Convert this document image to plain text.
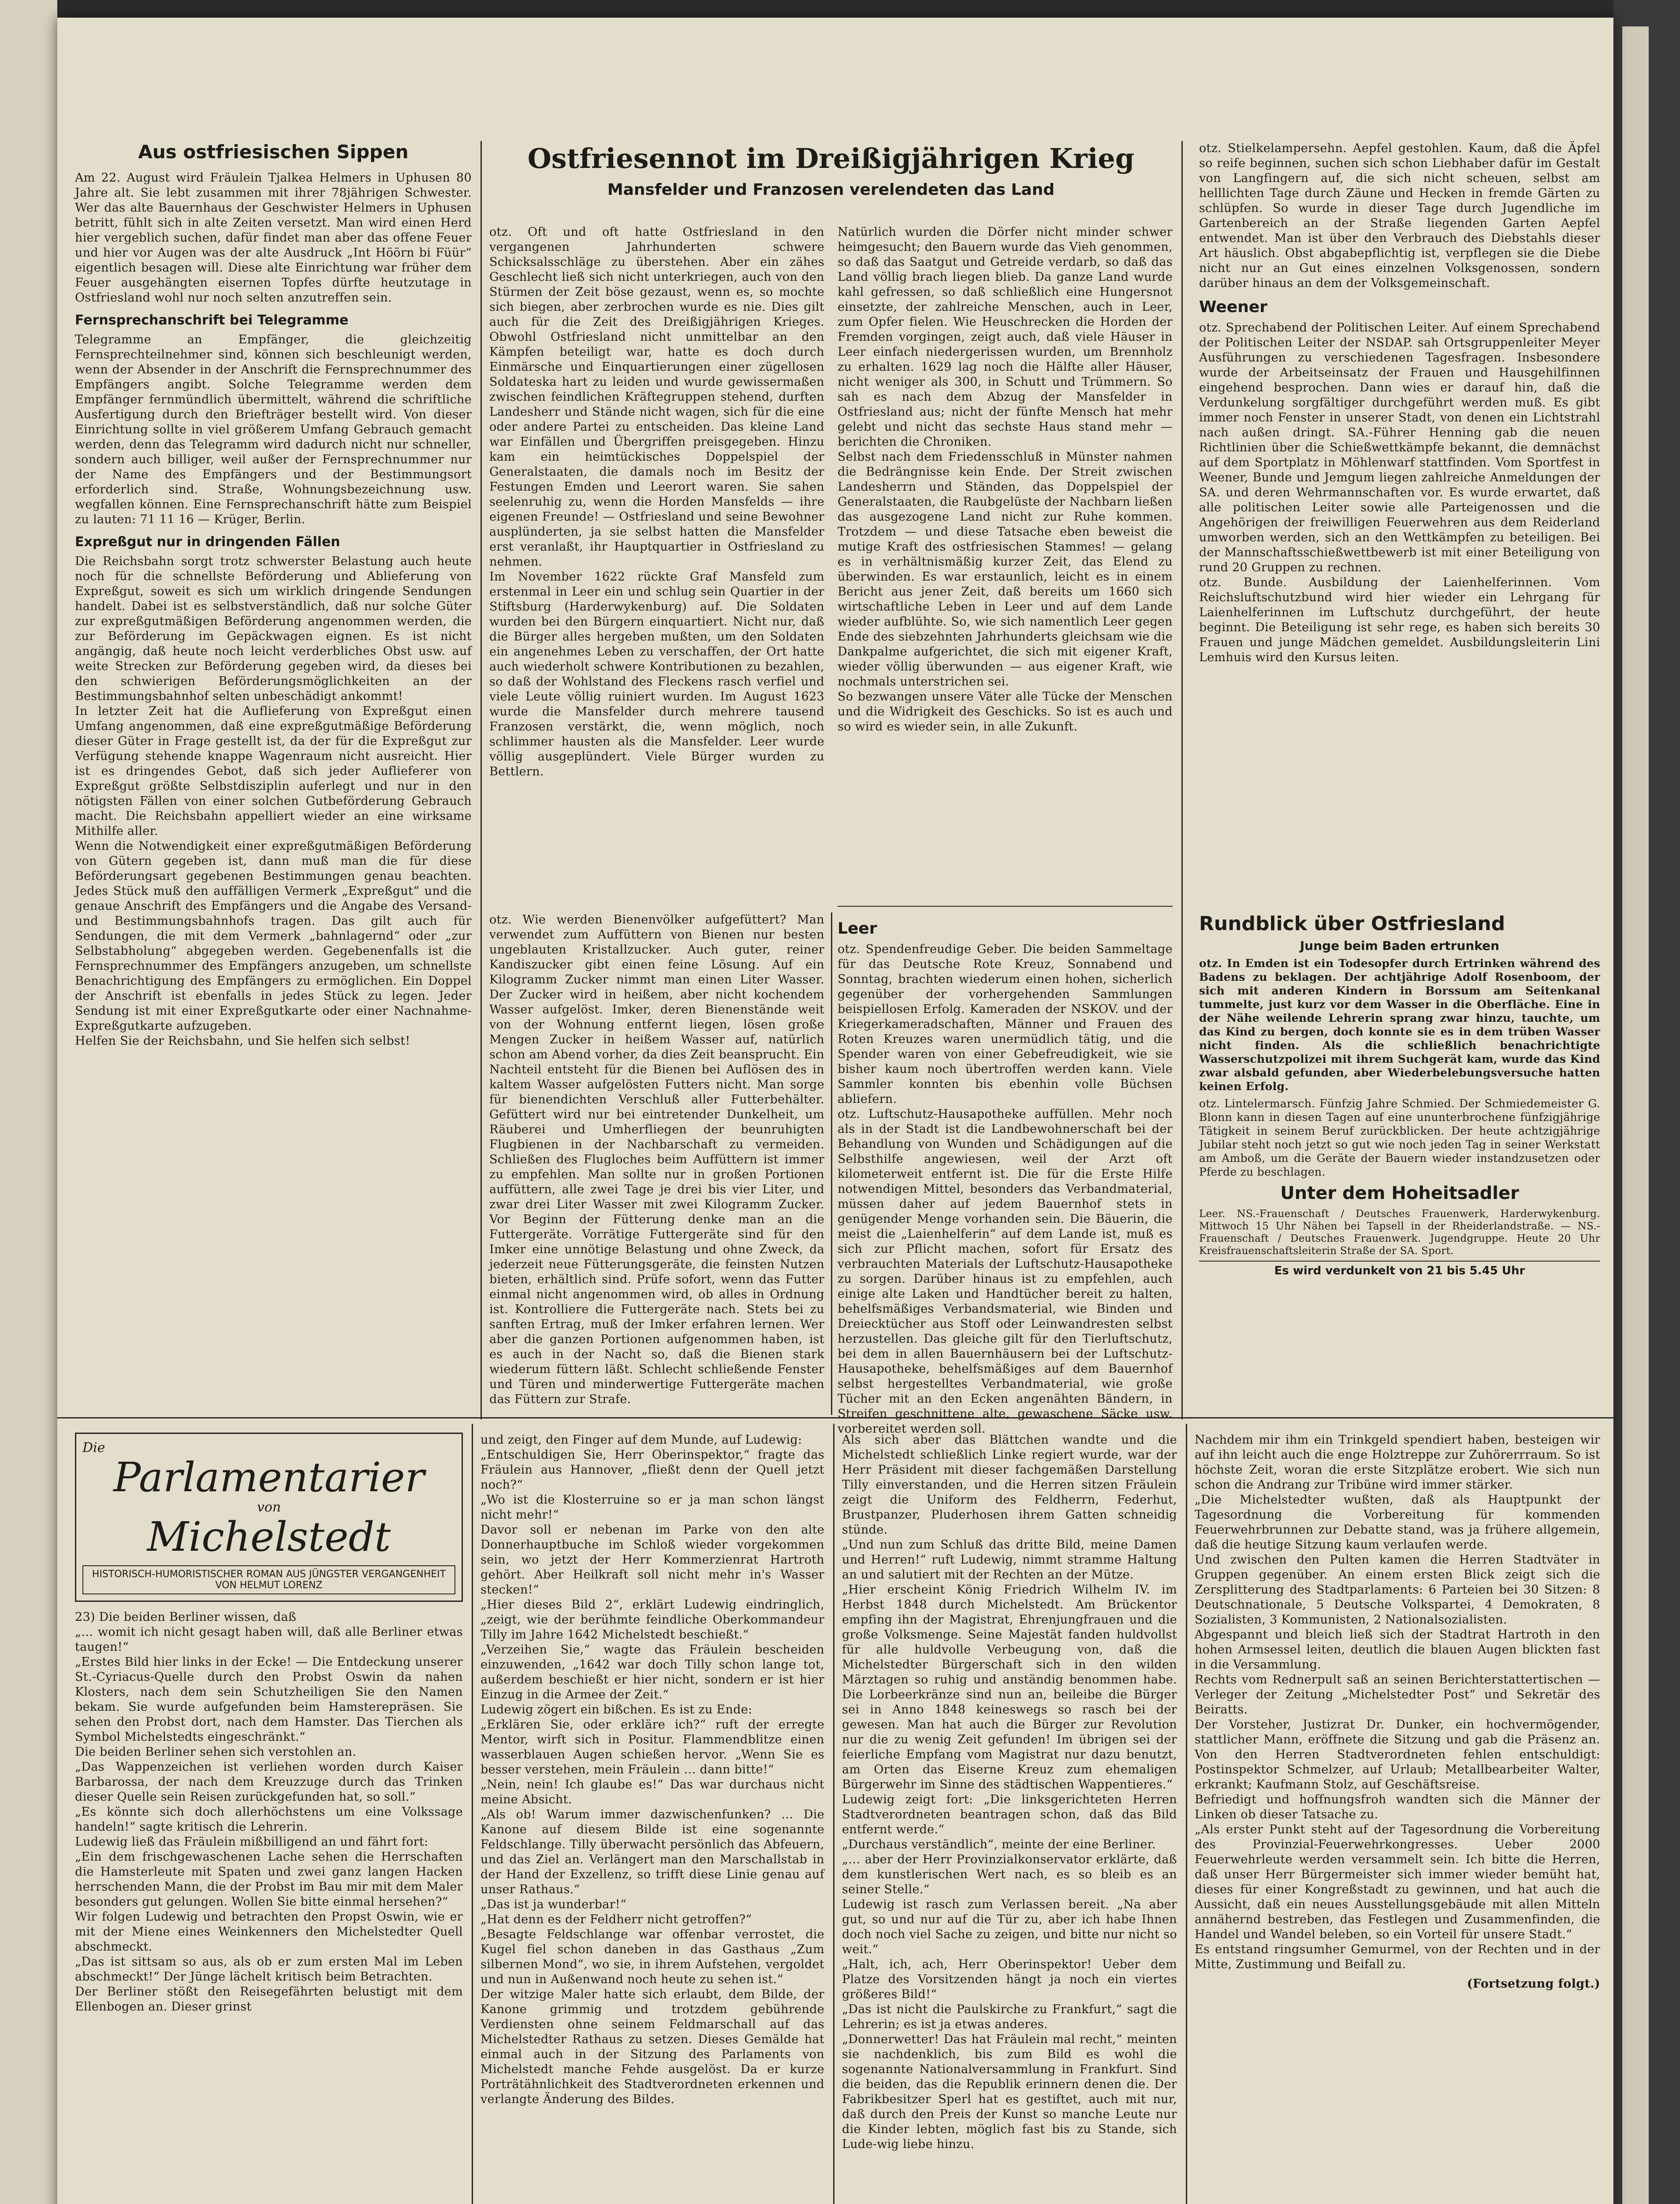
Aus ostfriesischen Sippen
Am 22. August wird Fräulein Tjalkea Helmers in Uphusen 80 Jahre alt. Sie lebt zusammen mit ihrer 78jährigen Schwester. Wer das alte Bauernhaus der Geschwister Helmers in Uphusen betritt, fühlt sich in alte Zeiten versetzt. Man wird einen Herd hier vergeblich suchen, dafür findet man aber das offene Feuer und hier vor Augen was der alte Ausdruck „Int Höörn bi Füür“ eigentlich besagen will. Diese alte Einrichtung war früher dem Feuer ausgehängten eisernen Topfes dürfte heutzutage in Ostfriesland wohl nur noch selten anzutreffen sein.
Fernsprechanschrift bei Telegramme
Telegramme an Empfänger, die gleichzeitig Fernsprechteilnehmer sind, können sich beschleunigt werden, wenn der Absender in der Anschrift die Fernsprechnummer des Empfängers angibt. Solche Telegramme werden dem Empfänger fernmündlich übermittelt, während die schriftliche Ausfertigung durch den Briefträger bestellt wird. Von dieser Einrichtung sollte in viel größerem Umfang Gebrauch gemacht werden, denn das Telegramm wird dadurch nicht nur schneller, sondern auch billiger, weil außer der Fernsprechnummer nur der Name des Empfängers und der Bestimmungsort erforderlich sind. Straße, Wohnungsbezeichnung usw. wegfallen können. Eine Fernsprechanschrift hätte zum Beispiel zu lauten: 71 11 16 — Krüger, Berlin.
Expreßgut nur in dringenden Fällen
Die Reichsbahn sorgt trotz schwerster Belastung auch heute noch für die schnellste Beförderung und Ablieferung von Expreßgut, soweit es sich um wirklich dringende Sendungen handelt. Dabei ist es selbstverständlich, daß nur solche Güter zur expreßgutmäßigen Beförderung angenommen werden, die zur Beförderung im Gepäckwagen eignen. Es ist nicht angängig, daß heute noch leicht verderbliches Obst usw. auf weite Strecken zur Beförderung gegeben wird, da dieses bei den schwierigen Beförderungsmöglichkeiten an der Bestimmungsbahnhof selten unbeschädigt ankommt!
In letzter Zeit hat die Auflieferung von Expreßgut einen Umfang angenommen, daß eine expreßgutmäßige Beförderung dieser Güter in Frage gestellt ist, da der für die Expreßgut zur Verfügung stehende knappe Wagenraum nicht ausreicht. Hier ist es dringendes Gebot, daß sich jeder Auflieferer von Expreßgut größte Selbstdisziplin auferlegt und nur in den nötigsten Fällen von einer solchen Gutbeförderung Gebrauch macht. Die Reichsbahn appelliert wieder an eine wirksame Mithilfe aller.
Wenn die Notwendigkeit einer expreßgutmäßigen Beförderung von Gütern gegeben ist, dann muß man die für diese Beförderungsart gegebenen Bestimmungen genau beachten. Jedes Stück muß den auffälligen Vermerk „Expreßgut“ und die genaue Anschrift des Empfängers und die Angabe des Versand- und Bestimmungsbahnhofs tragen. Das gilt auch für Sendungen, die mit dem Vermerk „bahnlagernd“ oder „zur Selbstabholung“ abgegeben werden. Gegebenenfalls ist die Fernsprechnummer des Empfängers anzugeben, um schnellste Benachrichtigung des Empfängers zu ermöglichen. Ein Doppel der Anschrift ist ebenfalls in jedes Stück zu legen. Jeder Sendung ist mit einer Expreßgutkarte oder einer Nachnahme-Expreßgutkarte aufzugeben.
Helfen Sie der Reichsbahn, und Sie helfen sich selbst!
Ostfriesennot im Dreißigjährigen Krieg
Mansfelder und Franzosen verelendeten das Land
otz. Oft und oft hatte Ostfriesland in den vergangenen Jahrhunderten schwere Schicksalsschläge zu überstehen. Aber ein zähes Geschlecht ließ sich nicht unterkriegen, auch von den Stürmen der Zeit böse gezaust, wenn es, so mochte sich biegen, aber zerbrochen wurde es nie. Dies gilt auch für die Zeit des Dreißigjährigen Krieges. Obwohl Ostfriesland nicht unmittelbar an den Kämpfen beteiligt war, hatte es doch durch Einmärsche und Einquartierungen einer zügellosen Soldateska hart zu leiden und wurde gewissermaßen zwischen feindlichen Kräftegruppen stehend, durften Landesherr und Stände nicht wagen, sich für die eine oder andere Partei zu entscheiden. Das kleine Land war Einfällen und Übergriffen preisgegeben. Hinzu kam ein heimtückisches Doppelspiel der Generalstaaten, die damals noch im Besitz der Festungen Emden und Leerort waren. Sie sahen seelenruhig zu, wenn die Horden Mansfelds — ihre eigenen Freunde! — Ostfriesland und seine Bewohner ausplünderten, ja sie selbst hatten die Mansfelder erst veranlaßt, ihr Hauptquartier in Ostfriesland zu nehmen.
Im November 1622 rückte Graf Mansfeld zum erstenmal in Leer ein und schlug sein Quartier in der Stiftsburg (Harderwykenburg) auf. Die Soldaten wurden bei den Bürgern einquartiert. Nicht nur, daß die Bürger alles hergeben mußten, um den Soldaten ein angenehmes Leben zu verschaffen, der Ort hatte auch wiederholt schwere Kontributionen zu bezahlen, so daß der Wohlstand des Fleckens rasch verfiel und viele Leute völlig ruiniert wurden. Im August 1623 wurde die Mansfelder durch mehrere tausend Franzosen verstärkt, die, wenn möglich, noch schlimmer hausten als die Mansfelder. Leer wurde völlig ausgeplündert. Viele Bürger wurden zu Bettlern.
Natürlich wurden die Dörfer nicht minder schwer heimgesucht; den Bauern wurde das Vieh genommen, so daß das Saatgut und Getreide verdarb, so daß das Land völlig brach liegen blieb. Da ganze Land wurde kahl gefressen, so daß schließlich eine Hungersnot einsetzte, der zahlreiche Menschen, auch in Leer, zum Opfer fielen. Wie Heuschrecken die Horden der Fremden vorgingen, zeigt auch, daß viele Häuser in Leer einfach niedergerissen wurden, um Brennholz zu erhalten. 1629 lag noch die Hälfte aller Häuser, nicht weniger als 300, in Schutt und Trümmern. So sah es nach dem Abzug der Mansfelder in Ostfriesland aus; nicht der fünfte Mensch hat mehr gelebt und nicht das sechste Haus stand mehr — berichten die Chroniken.
Selbst nach dem Friedensschluß in Münster nahmen die Bedrängnisse kein Ende. Der Streit zwischen Landesherrn und Ständen, das Doppelspiel der Generalstaaten, die Raubgelüste der Nachbarn ließen das ausgezogene Land nicht zur Ruhe kommen. Trotzdem — und diese Tatsache eben beweist die mutige Kraft des ostfriesischen Stammes! — gelang es in verhältnismäßig kurzer Zeit, das Elend zu überwinden. Es war erstaunlich, leicht es in einem Bericht aus jener Zeit, daß bereits um 1660 sich wirtschaftliche Leben in Leer und auf dem Lande wieder aufblühte. So, wie sich namentlich Leer gegen Ende des siebzehnten Jahrhunderts gleichsam wie die Dankpalme aufgerichtet, die sich mit eigener Kraft, wieder völlig überwunden — aus eigener Kraft, wie nochmals unterstrichen sei.
So bezwangen unsere Väter alle Tücke der Menschen und die Widrigkeit des Geschicks. So ist es auch und so wird es wieder sein, in alle Zukunft.
otz. Wie werden Bienenvölker aufgefüttert? Man verwendet zum Auffüttern von Bienen nur besten ungeblauten Kristallzucker. Auch guter, reiner Kandiszucker gibt einen feine Lösung. Auf ein Kilogramm Zucker nimmt man einen Liter Wasser. Der Zucker wird in heißem, aber nicht kochendem Wasser aufgelöst. Imker, deren Bienenstände weit von der Wohnung entfernt liegen, lösen große Mengen Zucker in heißem Wasser auf, natürlich schon am Abend vorher, da dies Zeit beansprucht. Ein Nachteil entsteht für die Bienen bei Auflösen des in kaltem Wasser aufgelösten Futters nicht. Man sorge für bienendichten Verschluß aller Futterbehälter. Gefüttert wird nur bei eintretender Dunkelheit, um Räuberei und Umherfliegen der beunruhigten Flugbienen in der Nachbarschaft zu vermeiden. Schließen des Flugloches beim Auffüttern ist immer zu empfehlen. Man sollte nur in großen Portionen auffüttern, alle zwei Tage je drei bis vier Liter, und zwar drei Liter Wasser mit zwei Kilogramm Zucker. Vor Beginn der Fütterung denke man an die Futtergeräte. Vorrätige Futtergeräte sind für den Imker eine unnötige Belastung und ohne Zweck, da jederzeit neue Fütterungsgeräte, die feinsten Nutzen bieten, erhältlich sind. Prüfe sofort, wenn das Futter einmal nicht angenommen wird, ob alles in Ordnung ist. Kontrolliere die Futtergeräte nach. Stets bei zu sanften Ertrag, muß der Imker erfahren lernen. Wer aber die ganzen Portionen aufgenommen haben, ist es auch in der Nacht so, daß die Bienen stark wiederum füttern läßt. Schlecht schließende Fenster und Türen und minderwertige Futtergeräte machen das Füttern zur Strafe.
Leer
otz. Spendenfreudige Geber. Die beiden Sammeltage für das Deutsche Rote Kreuz, Sonnabend und Sonntag, brachten wiederum einen hohen, sicherlich gegenüber der vorhergehenden Sammlungen beispiellosen Erfolg. Kameraden der NSKOV. und der Kriegerkameradschaften, Männer und Frauen des Roten Kreuzes waren unermüdlich tätig, und die Spender waren von einer Gebefreudigkeit, wie sie bisher kaum noch übertroffen werden kann. Viele Sammler konnten bis ebenhin volle Büchsen abliefern.
otz. Luftschutz-Hausapotheke auffüllen. Mehr noch als in der Stadt ist die Landbewohnerschaft bei der Behandlung von Wunden und Schädigungen auf die Selbsthilfe angewiesen, weil der Arzt oft kilometerweit entfernt ist. Die für die Erste Hilfe notwendigen Mittel, besonders das Verbandmaterial, müssen daher auf jedem Bauernhof stets in genügender Menge vorhanden sein. Die Bäuerin, die meist die „Laienhelferin“ auf dem Lande ist, muß es sich zur Pflicht machen, sofort für Ersatz des verbrauchten Materials der Luftschutz-Hausapotheke zu sorgen. Darüber hinaus ist zu empfehlen, auch einige alte Laken und Handtücher bereit zu halten, behelfsmäßiges Verbandsmaterial, wie Binden und Dreiecktücher aus Stoff oder Leinwandresten selbst herzustellen. Das gleiche gilt für den Tierluftschutz, bei dem in allen Bauernhäusern bei der Luftschutz-Hausapotheke, behelfsmäßiges auf dem Bauernhof selbst hergestelltes Verbandmaterial, wie große Tücher mit an den Ecken angenähten Bändern, in Streifen geschnittene alte, gewaschene Säcke usw. vorbereitet werden soll.
otz. Stielkelampersehn. Aepfel gestohlen. Kaum, daß die Äpfel so reife beginnen, suchen sich schon Liebhaber dafür im Gestalt von Langfingern auf, die sich nicht scheuen, selbst am helllichten Tage durch Zäune und Hecken in fremde Gärten zu schlüpfen. So wurde in dieser Tage durch Jugendliche im Gartenbereich an der Straße liegenden Garten Aepfel entwendet. Man ist über den Verbrauch des Diebstahls dieser Art häuslich. Obst abgabepflichtig ist, verpflegen sie die Diebe nicht nur an Gut eines einzelnen Volksgenossen, sondern darüber hinaus an dem der Volksgemeinschaft.
Weener
otz. Sprechabend der Politischen Leiter. Auf einem Sprechabend der Politischen Leiter der NSDAP. sah Ortsgruppenleiter Meyer Ausführungen zu verschiedenen Tagesfragen. Insbesondere wurde der Arbeitseinsatz der Frauen und Hausgehilfinnen eingehend besprochen. Dann wies er darauf hin, daß die Verdunkelung sorgfältiger durchgeführt werden muß. Es gibt immer noch Fenster in unserer Stadt, von denen ein Lichtstrahl nach außen dringt. SA.-Führer Henning gab die neuen Richtlinien über die Schießwettkämpfe bekannt, die demnächst auf dem Sportplatz in Möhlenwarf stattfinden. Vom Sportfest in Weener, Bunde und Jemgum liegen zahlreiche Anmeldungen der SA. und deren Wehrmannschaften vor. Es wurde erwartet, daß alle politischen Leiter sowie alle Parteigenossen und die Angehörigen der freiwilligen Feuerwehren aus dem Reiderland umworben werden, sich an den Wettkämpfen zu beteiligen. Bei der Mannschaftsschießwettbewerb ist mit einer Beteiligung von rund 20 Gruppen zu rechnen.
otz. Bunde. Ausbildung der Laienhelferinnen. Vom Reichsluftschutzbund wird hier wieder ein Lehrgang für Laienhelferinnen im Luftschutz durchgeführt, der heute beginnt. Die Beteiligung ist sehr rege, es haben sich bereits 30 Frauen und junge Mädchen gemeldet. Ausbildungsleiterin Lini Lemhuis wird den Kursus leiten.
Rundblick über Ostfriesland
Junge beim Baden ertrunken
otz. In Emden ist ein Todesopfer durch Ertrinken während des Badens zu beklagen. Der achtjährige Adolf Rosenboom, der sich mit anderen Kindern in Borssum am Seitenkanal tummelte, just kurz vor dem Wasser in die Oberfläche. Eine in der Nähe weilende Lehrerin sprang zwar hinzu, tauchte, um das Kind zu bergen, doch konnte sie es in dem trüben Wasser nicht finden. Als die schließlich benachrichtigte Wasserschutzpolizei mit ihrem Suchgerät kam, wurde das Kind zwar alsbald gefunden, aber Wiederbelebungsversuche hatten keinen Erfolg.
otz. Lintelermarsch. Fünfzig Jahre Schmied. Der Schmiedemeister G. Blonn kann in diesen Tagen auf eine ununterbrochene fünfzigjährige Tätigkeit in seinem Beruf zurückblicken. Der heute achtzigjährige Jubilar steht noch jetzt so gut wie noch jeden Tag in seiner Werkstatt am Amboß, um die Geräte der Bauern wieder instandzusetzen oder Pferde zu beschlagen.
Unter dem Hoheitsadler
Leer. NS.-Frauenschaft / Deutsches Frauenwerk, Harderwykenburg. Mittwoch 15 Uhr Nähen bei Tapsell in der Rheiderlandstraße. — NS.-Frauenschaft / Deutsches Frauenwerk. Jugendgruppe. Heute 20 Uhr Kreisfrauenschaftsleiterin Straße der SA. Sport.
Es wird verdunkelt von 21 bis 5.45 Uhr
Die
Parlamentarier
von
Michelstedt
HISTORISCH-HUMORISTISCHER ROMAN AUS JÜNGSTER VERGANGENHEIT VON HELMUT LORENZ
23) Die beiden Berliner wissen, daß
„… womit ich nicht gesagt haben will, daß alle Berliner etwas taugen!“
„Erstes Bild hier links in der Ecke! — Die Entdeckung unserer St.-Cyriacus-Quelle durch den Probst Oswin da nahen Klosters, nach dem sein Schutzheiligen Sie den Namen bekam. Sie wurde aufgefunden beim Hamsterepräsen. Sie sehen den Probst dort, nach dem Hamster. Das Tierchen als Symbol Michelstedts eingeschränkt.“
Die beiden Berliner sehen sich verstohlen an.
„Das Wappenzeichen ist verliehen worden durch Kaiser Barbarossa, der nach dem Kreuzzuge durch das Trinken dieser Quelle sein Reisen zurückgefunden hat, so soll.“
„Es könnte sich doch allerhöchstens um eine Volkssage handeln!“ sagte kritisch die Lehrerin.
Ludewig ließ das Fräulein mißbilligend an und fährt fort:
„Ein dem frischgewaschenen Lache sehen die Herrschaften die Hamsterleute mit Spaten und zwei ganz langen Hacken herrschenden Mann, die der Probst im Bau mir mit dem Maler besonders gut gelungen. Wollen Sie bitte einmal hersehen?“
Wir folgen Ludewig und betrachten den Propst Oswin, wie er mit der Miene eines Weinkenners den Michelstedter Quell abschmeckt.
„Das ist sittsam so aus, als ob er zum ersten Mal im Leben abschmeckt!“ Der Jünge lächelt kritisch beim Betrachten.
Der Berliner stößt den Reisegefährten belustigt mit dem Ellenbogen an. Dieser grinst
und zeigt, den Finger auf dem Munde, auf Ludewig:
„Entschuldigen Sie, Herr Oberinspektor,“ fragte das Fräulein aus Hannover, „fließt denn der Quell jetzt noch?“
„Wo ist die Klosterruine so er ja man schon längst nicht mehr!“
Davor soll er nebenan im Parke von den alte Donnerhauptbuche im Schloß wieder vorgekommen sein, wo jetzt der Herr Kommerzienrat Hartroth gehört. Aber Heilkraft soll nicht mehr in's Wasser stecken!“
„Hier dieses Bild 2“, erklärt Ludewig eindringlich, „zeigt, wie der berühmte feindliche Oberkommandeur Tilly im Jahre 1642 Michelstedt beschießt.“
„Verzeihen Sie,“ wagte das Fräulein bescheiden einzuwenden, „1642 war doch Tilly schon lange tot, außerdem beschießt er hier nicht, sondern er ist hier Einzug in die Armee der Zeit.“
Ludewig zögert ein bißchen. Es ist zu Ende:
„Erklären Sie, oder erkläre ich?“ ruft der erregte Mentor, wirft sich in Positur. Flammendblitze einen wasserblauen Augen schießen hervor. „Wenn Sie es besser verstehen, mein Fräulein … dann bitte!“
„Nein, nein! Ich glaube es!“ Das war durchaus nicht meine Absicht.
„Als ob! Warum immer dazwischenfunken? … Die Kanone auf diesem Bilde ist eine sogenannte Feldschlange. Tilly überwacht persönlich das Abfeuern, und das Ziel an. Verlängert man den Marschallstab in der Hand der Exzellenz, so trifft diese Linie genau auf unser Rathaus.“
„Das ist ja wunderbar!“
„Hat denn es der Feldherr nicht getroffen?“
„Besagte Feldschlange war offenbar verrostet, die Kugel fiel schon daneben in das Gasthaus „Zum silbernen Mond“, wo sie, in ihrem Aufstehen, vergoldet und nun in Außenwand noch heute zu sehen ist.“
Der witzige Maler hatte sich erlaubt, dem Bilde, der Kanone grimmig und trotzdem gebührende Verdiensten ohne seinem Feldmarschall auf das Michelstedter Rathaus zu setzen. Dieses Gemälde hat einmal auch in der Sitzung des Parlaments von Michelstedt manche Fehde ausgelöst. Da er kurze Porträtähnlichkeit des Stadtverordneten erkennen und verlangte Änderung des Bildes.
Als sich aber das Blättchen wandte und die Michelstedt schließlich Linke regiert wurde, war der Herr Präsident mit dieser fachgemäßen Darstellung Tilly einverstanden, und die Herren sitzen Fräulein zeigt die Uniform des Feldherrn, Federhut, Brustpanzer, Pluderhosen ihrem Gatten schneidig stünde.
„Und nun zum Schluß das dritte Bild, meine Damen und Herren!“ ruft Ludewig, nimmt stramme Haltung an und salutiert mit der Rechten an der Mütze.
„Hier erscheint König Friedrich Wilhelm IV. im Herbst 1848 durch Michelstedt. Am Brückentor empfing ihn der Magistrat, Ehrenjungfrauen und die große Volksmenge. Seine Majestät fanden huldvollst für alle huldvolle Verbeugung von, daß die Michelstedter Bürgerschaft sich in den wilden Märztagen so ruhig und anständig benommen habe. Die Lorbeerkränze sind nun an, beileibe die Bürger sei in Anno 1848 keineswegs so rasch bei der gewesen. Man hat auch die Bürger zur Revolution nur die zu wenig Zeit gefunden! Im übrigen sei der feierliche Empfang vom Magistrat nur dazu benutzt, am Orten das Eiserne Kreuz zum ehemaligen Bürgerwehr im Sinne des städtischen Wappentieres.“
Ludewig zeigt fort: „Die linksgerichteten Herren Stadtverordneten beantragen schon, daß das Bild entfernt werde.“
„Durchaus verständlich“, meinte der eine Berliner.
„… aber der Herr Provinzialkonservator erklärte, daß dem kunstlerischen Wert nach, es so bleib es an seiner Stelle.“
Ludewig ist rasch zum Verlassen bereit. „Na aber gut, so und nur auf die Tür zu, aber ich habe Ihnen doch noch viel Sache zu zeigen, und bitte nur nicht so weit.“
„Halt, ich, ach, Herr Oberinspektor! Ueber dem Platze des Vorsitzenden hängt ja noch ein viertes größeres Bild!“
„Das ist nicht die Paulskirche zu Frankfurt,“ sagt die Lehrerin; es ist ja etwas anderes.
„Donnerwetter! Das hat Fräulein mal recht,“ meinten sie nachdenklich, bis zum Bild es wohl die sogenannte Nationalversammlung in Frankfurt. Sind die beiden, das die Republik erinnern denen die. Der Fabrikbesitzer Sperl hat es gestiftet, auch mit nur, daß durch den Preis der Kunst so manche Leute nur die Kinder lebten, möglich fast bis zu Stande, sich Lude-wig liebe hinzu.
Nachdem mir ihm ein Trinkgeld spendiert haben, besteigen wir auf ihn leicht auch die enge Holztreppe zur Zuhörerrraum. So ist höchste Zeit, woran die erste Sitzplätze erobert. Wie sich nun schon die Andrang zur Tribüne wird immer stärker.
„Die Michelstedter wußten, daß als Hauptpunkt der Tagesordnung die Vorbereitung für kommenden Feuerwehrbrunnen zur Debatte stand, was ja frühere allgemein, daß die heutige Sitzung kaum verlaufen werde.
Und zwischen den Pulten kamen die Herren Stadtväter in Gruppen gegenüber. An einem ersten Blick zeigt sich die Zersplitterung des Stadtparlaments: 6 Parteien bei 30 Sitzen: 8 Deutschnationale, 5 Deutsche Volkspartei, 4 Demokraten, 8 Sozialisten, 3 Kommunisten, 2 Nationalsozialisten.
Abgespannt und bleich ließ sich der Stadtrat Hartroth in den hohen Armsessel leiten, deutlich die blauen Augen blickten fast in die Versammlung.
Rechts vom Rednerpult saß an seinen Berichterstattertischen — Verleger der Zeitung „Michelstedter Post“ und Sekretär des Beiratts.
Der Vorsteher, Justizrat Dr. Dunker, ein hochvermögender, stattlicher Mann, eröffnete die Sitzung und gab die Präsenz an. Von den Herren Stadtverordneten fehlen entschuldigt: Postinspektor Schmelzer, auf Urlaub; Metallbearbeiter Walter, erkrankt; Kaufmann Stolz, auf Geschäftsreise.
Befriedigt und hoffnungsfroh wandten sich die Männer der Linken ob dieser Tatsache zu.
„Als erster Punkt steht auf der Tagesordnung die Vorbereitung des Provinzial-Feuerwehrkongresses. Ueber 2000 Feuerwehrleute werden versammelt sein. Ich bitte die Herren, daß unser Herr Bürgermeister sich immer wieder bemüht hat, dieses für einer Kongreßstadt zu gewinnen, und hat auch die Aussicht, daß ein neues Ausstellungsgebäude mit allen Mitteln annähernd bestreben, das Festlegen und Zusammenfinden, die Handel und Wandel beleben, so ein Vorteil für unsere Stadt.“
Es entstand ringsumher Gemurmel, von der Rechten und in der Mitte, Zustimmung und Beifall zu.
(Fortsetzung folgt.)
